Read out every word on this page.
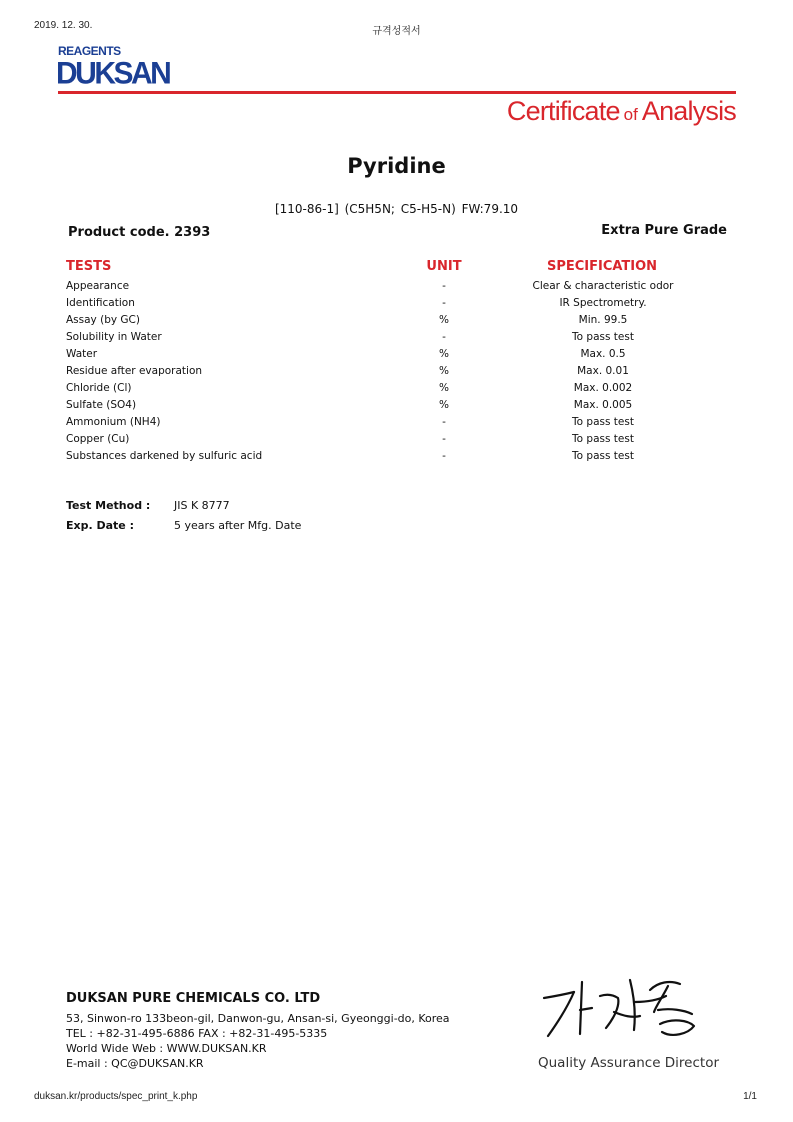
2019. 12. 30.
규격성적서
REAGENTS
DUKSAN
Certificate of Analysis
Pyridine
[110-86-1] (C5H5N; C5-H5-N) FW:79.10
Product code. 2393	Extra Pure Grade
TESTS	UNIT	SPECIFICATION
Appearance	-	Clear & characteristic odor
Identification	-	IR Spectrometry.
Assay (by GC)	%	Min. 99.5
Solubility in Water	-	To pass test
Water	%	Max. 0.5
Residue after evaporation	%	Max. 0.01
Chloride (Cl)	%	Max. 0.002
Sulfate (SO4)	%	Max. 0.005
Ammonium (NH4)	-	To pass test
Copper (Cu)	-	To pass test
Substances darkened by sulfuric acid	-	To pass test
Test Method : JIS K 8777
Exp. Date :	5 years after Mfg. Date
DUKSAN PURE CHEMICALS CO. LTD
53, Sinwon-ro 133beon-gil, Danwon-gu, Ansan-si, Gyeonggi-do, Korea
TEL : +82-31-495-6886 FAX : +82-31-495-5335
World Wide Web : WWW.DUKSAN.KR
E-mail : QC@DUKSAN.KR	Quality Assurance Director
duksan.kr/products/spec_print_k.php	1/1
